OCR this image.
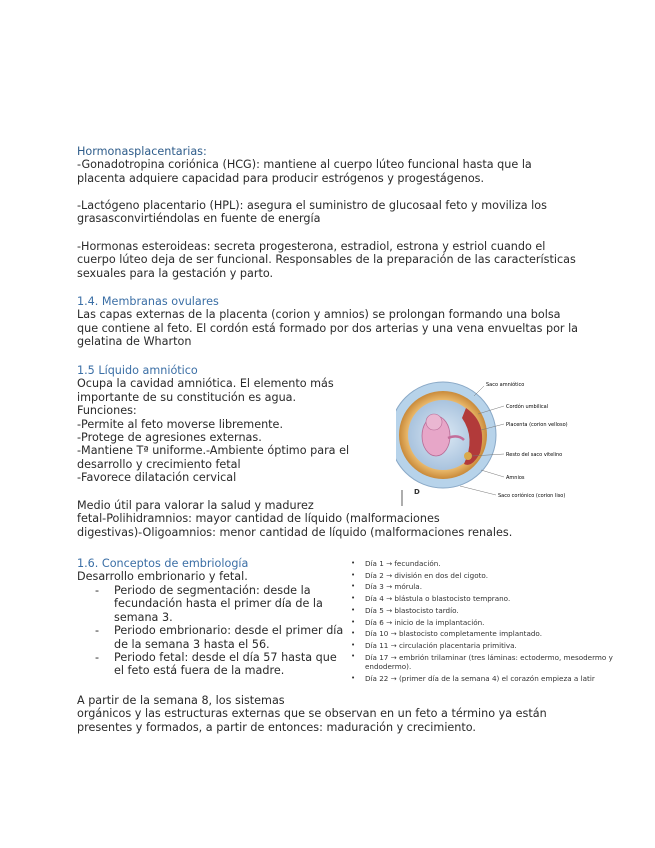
Hormonasplacentarias:

-Gonadotropina coriónica (HCG): mantiene al cuerpo lúteo funcional hasta que la

placenta adquiere capacidad para producir estrógenos y progestágenos.

-Lactógeno placentario (HPL): asegura el suministro de glucosaal feto y moviliza los

grasasconvirtiéndolas en fuente de energía

-Hormonas esteroideas: secreta progesterona, estradiol, estrona y estriol cuando el

cuerpo lúteo deja de ser funcional. Responsables de la preparación de las características

sexuales para la gestación y parto.

1.4. Membranas ovulares

Las capas externas de la placenta (corion y amnios) se prolongan formando una bolsa

que contiene al feto. El cordón está formado por dos arterias y una vena envueltas por la

gelatina de Wharton

1.5 Líquido amniótico

Ocupa la cavidad amniótica. El elemento más

importante de su constitución es agua.

Funciones:

-Permite al feto moverse libremente.

-Protege de agresiones externas.

-Mantiene Tª uniforme.-Ambiente óptimo para el

desarrollo y crecimiento fetal

-Favorece dilatación cervical

Saco amniótico
Cordón umbilical
Placenta (corion velloso)
Resto del saco vitelino
Amnios
Saco coriónico (corion liso)
D

Medio útil para valorar la salud y madurez

fetal-Polihidramnios: mayor cantidad de líquido (malformaciones

digestivas)-Oligoamnios: menor cantidad de líquido (malformaciones renales.

1.6. Conceptos de embriología

Desarrollo embrionario y fetal.

- Periodo de segmentación: desde la fecundación hasta el primer día de la semana 3.
- Periodo embrionario: desde el primer día de la semana 3 hasta el 56.
- Periodo fetal: desde el día 57 hasta que el feto está fuera de la madre.
• Día 1 → fecundación.
• Día 2 → división en dos del cigoto.
• Día 3 → mórula.
• Día 4 → blástula o blastocisto temprano.
• Día 5 → blastocisto tardío.
• Día 6 → inicio de la implantación.
• Día 10 → blastocisto completamente implantado.
• Día 11 → circulación placentaria primitiva.
• Día 17 → embrión trilaminar (tres láminas: ectodermo, mesodermo y endodermo).
• Día 22 → (primer día de la semana 4) el corazón empieza a latir

A partir de la semana 8, los sistemas

orgánicos y las estructuras externas que se observan en un feto a término ya están

presentes y formados, a partir de entonces: maduración y crecimiento.
